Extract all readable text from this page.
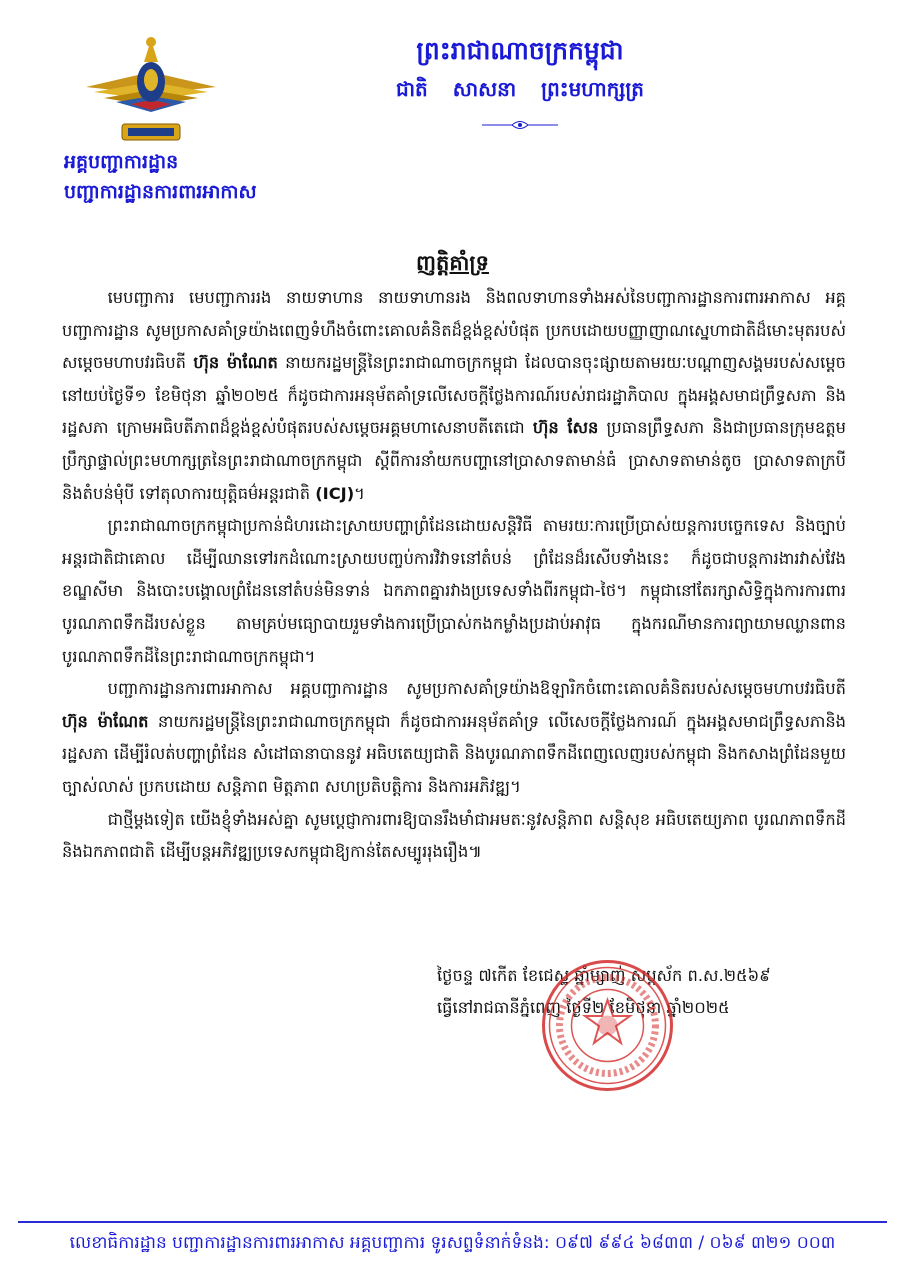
អគ្គបញ្ជាការដ្ឋាន
បញ្ជាការដ្ឋានការពារអាកាស
ព្រះរាជាណាចក្រកម្ពុជា
ជាតិ សាសនា ព្រះមហាក្សត្រ
ញត្តិគាំទ្រ

មេបញ្ជាការ មេបញ្ជាការរង នាយទាហាន នាយទាហានរង និងពលទាហានទាំងអស់នៃបញ្ជាការដ្ឋានការពារអាកាស អគ្គបញ្ជាការដ្ឋាន សូមប្រកាសគាំទ្រយ៉ាងពេញទំហឹងចំពោះគោលគំនិតដ៏ខ្ពង់ខ្ពស់បំផុត ប្រកបដោយបញ្ញាញាណស្នេហាជាតិដ៏មោះមុតរបស់ សម្តេចមហាបវរធិបតី ហ៊ុន ម៉ាណែត នាយករដ្ឋមន្ត្រីនៃព្រះរាជាណាចក្រកម្ពុជា ដែលបានចុះផ្សាយតាមរយៈបណ្តាញសង្គមរបស់សម្តេច នៅយប់ថ្ងៃទី១ ខែមិថុនា ឆ្នាំ២០២៥ ក៏ដូចជាការអនុម័តគាំទ្រលើសេចក្តីថ្លែងការណ៍របស់រាជរដ្ឋាភិបាល ក្នុងអង្គសមាជព្រឹទ្ធសភា និងរដ្ឋសភា ក្រោមអធិបតីភាពដ៏ខ្ពង់ខ្ពស់បំផុតរបស់សម្តេចអគ្គមហាសេនាបតីតេជោ ហ៊ុន សែន ប្រធានព្រឹទ្ធសភា និងជាប្រធានក្រុមឧត្តមប្រឹក្សាផ្ទាល់ព្រះមហាក្សត្រនៃព្រះរាជាណាចក្រកម្ពុជា ស្តីពីការនាំយកបញ្ហានៅប្រាសាទតាមាន់ធំ ប្រាសាទតាមាន់តូច ប្រាសាទតាក្របី និងតំបន់មុំបី ទៅតុលាការយុត្តិធម៌អន្តរជាតិ (ICJ)។

ព្រះរាជាណាចក្រកម្ពុជាប្រកាន់ជំហរដោះស្រាយបញ្ហាព្រំដែនដោយសន្តិវិធី តាមរយៈការប្រើប្រាស់យន្តការបច្ចេកទេស និងច្បាប់អន្តរជាតិជាគោល ដើម្បីឈានទៅរកដំណោះស្រាយបញ្ចប់ការវិវាទនៅតំបន់ ព្រំដែនដ៏រសើបទាំងនេះ ក៏ដូចជាបន្តការងារវាស់វែងខណ្ឌសីមា និងបោះបង្គោលព្រំដែននៅតំបន់មិនទាន់ ឯកភាពគ្នារវាងប្រទេសទាំងពីរកម្ពុជា-ថៃ។ កម្ពុជានៅតែរក្សាសិទ្ធិក្នុងការការពារបូរណភាពទឹកដីរបស់ខ្លួន តាមគ្រប់មធ្យោបាយរួមទាំងការប្រើប្រាស់កងកម្លាំងប្រដាប់អាវុធ ក្នុងករណីមានការព្យាយាមឈ្លានពានបូរណភាពទឹកដីនៃព្រះរាជាណាចក្រកម្ពុជា។

បញ្ជាការដ្ឋានការពារអាកាស អគ្គបញ្ជាការដ្ឋាន សូមប្រកាសគាំទ្រយ៉ាងឱឡារិកចំពោះគោលគំនិតរបស់សម្តេចមហាបវរធិបតី ហ៊ុន ម៉ាណែត នាយករដ្ឋមន្ត្រីនៃព្រះរាជាណាចក្រកម្ពុជា ក៏ដូចជាការអនុម័តគាំទ្រ លើសេចក្តីថ្លែងការណ៍ ក្នុងអង្គសមាជព្រឹទ្ធសភានិងរដ្ឋសភា ដើម្បីរំលត់បញ្ហាព្រំដែន សំដៅធានាបាននូវ អធិបតេយ្យជាតិ និងបូរណភាពទឹកដីពេញលេញរបស់កម្ពុជា និងកសាងព្រំដែនមួយច្បាស់លាស់ ប្រកបដោយ សន្តិភាព មិត្តភាព សហប្រតិបត្តិការ និងការអភិវឌ្ឍ។

ជាថ្មីម្តងទៀត យើងខ្ញុំទាំងអស់គ្នា សូមប្តេជ្ញាការពារឱ្យបានរឹងមាំជាអមតៈនូវសន្តិភាព សន្តិសុខ អធិបតេយ្យភាព បូរណភាពទឹកដី និងឯកភាពជាតិ ដើម្បីបន្តអភិវឌ្ឍប្រទេសកម្ពុជាឱ្យកាន់តែសម្បូររុងរឿង៕

ថ្ងៃចន្ទ ៧កើត ខែជេស្ឋ ឆ្នាំម្សាញ់ សប្តស័ក ព.ស.២៥៦៩
ធ្វើនៅរាជធានីភ្នំពេញ ថ្ងៃទី២ ខែមិថុនា ឆ្នាំ២០២៥
លេខាធិការដ្ឋាន បញ្ជាការដ្ឋានការពារអាកាស អគ្គបញ្ជាការ ទូរសព្ទទំនាក់ទំនង: ០៩៧ ៩៩៤ ៦៨៣៣ / ០៦៩ ៣២១ ០០៣
